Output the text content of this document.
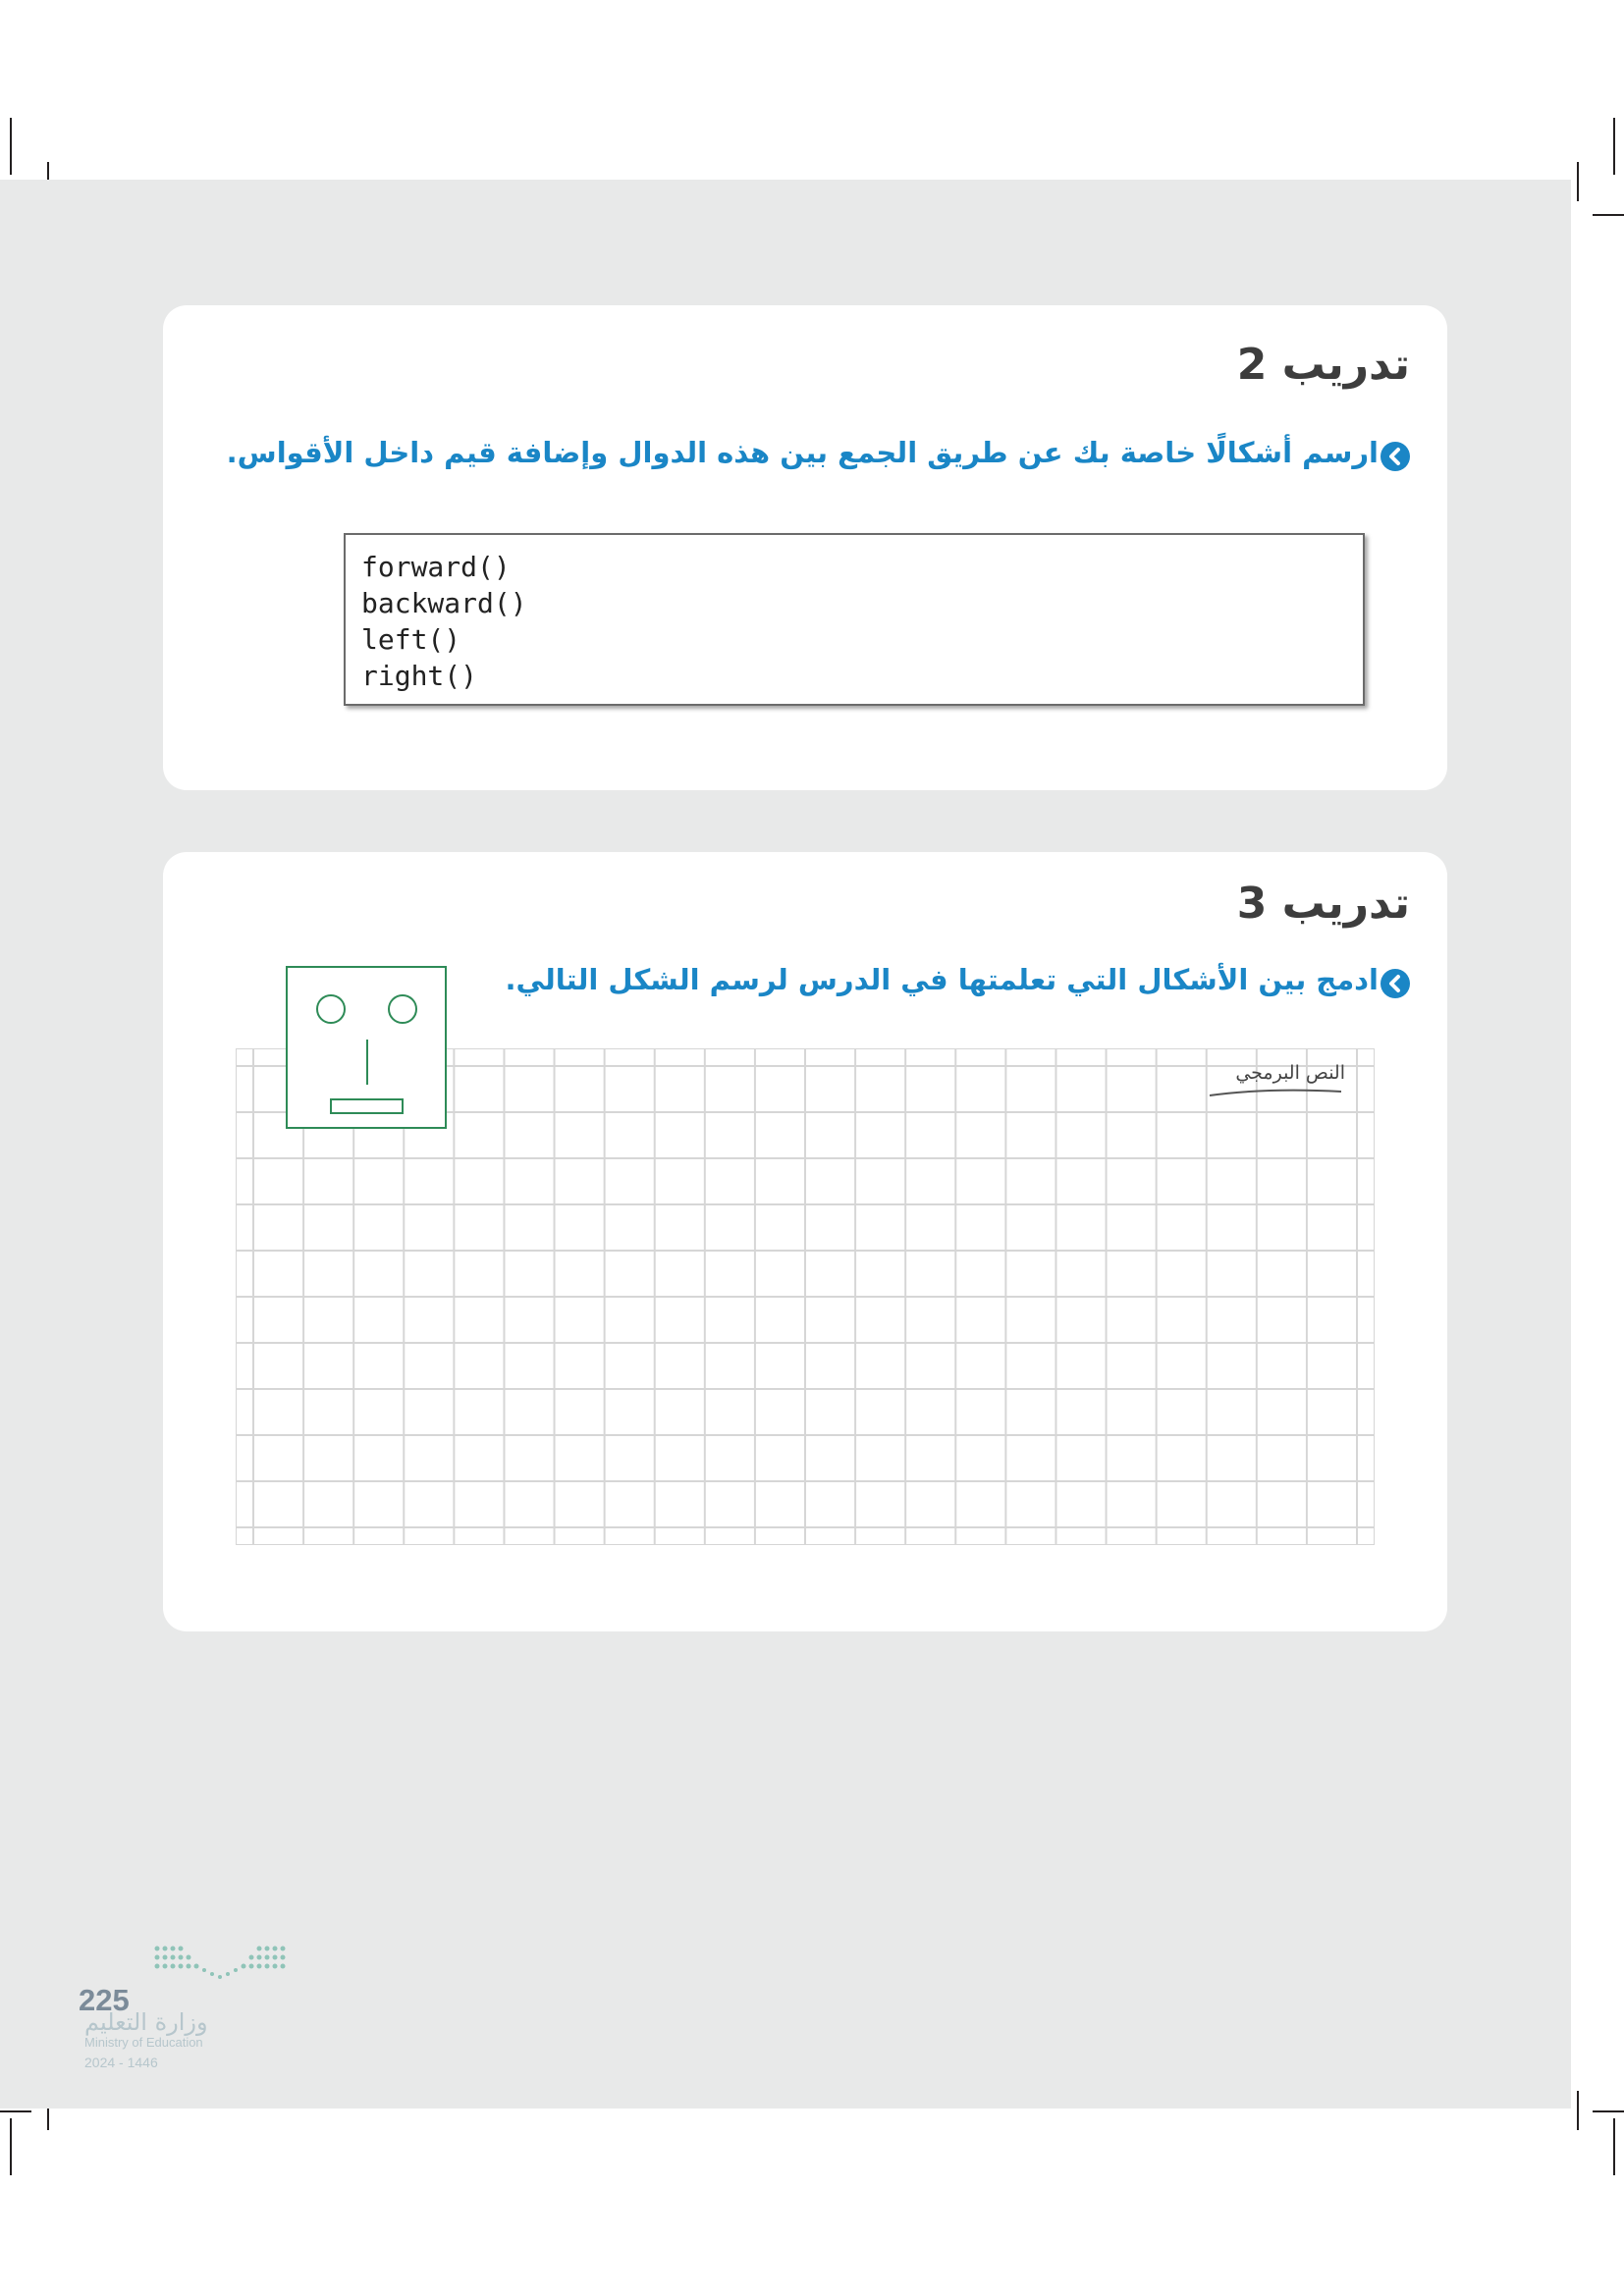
تدريب 2
ارسم أشكالًا خاصة بك عن طريق الجمع بين هذه الدوال وإضافة قيم داخل الأقواس.
forward()
backward()
left()
right()
تدريب 3
ادمج بين الأشكال التي تعلمتها في الدرس لرسم الشكل التالي.
النص البرمجي
225
وزارة التعليم
Ministry of Education
2024 - 1446
